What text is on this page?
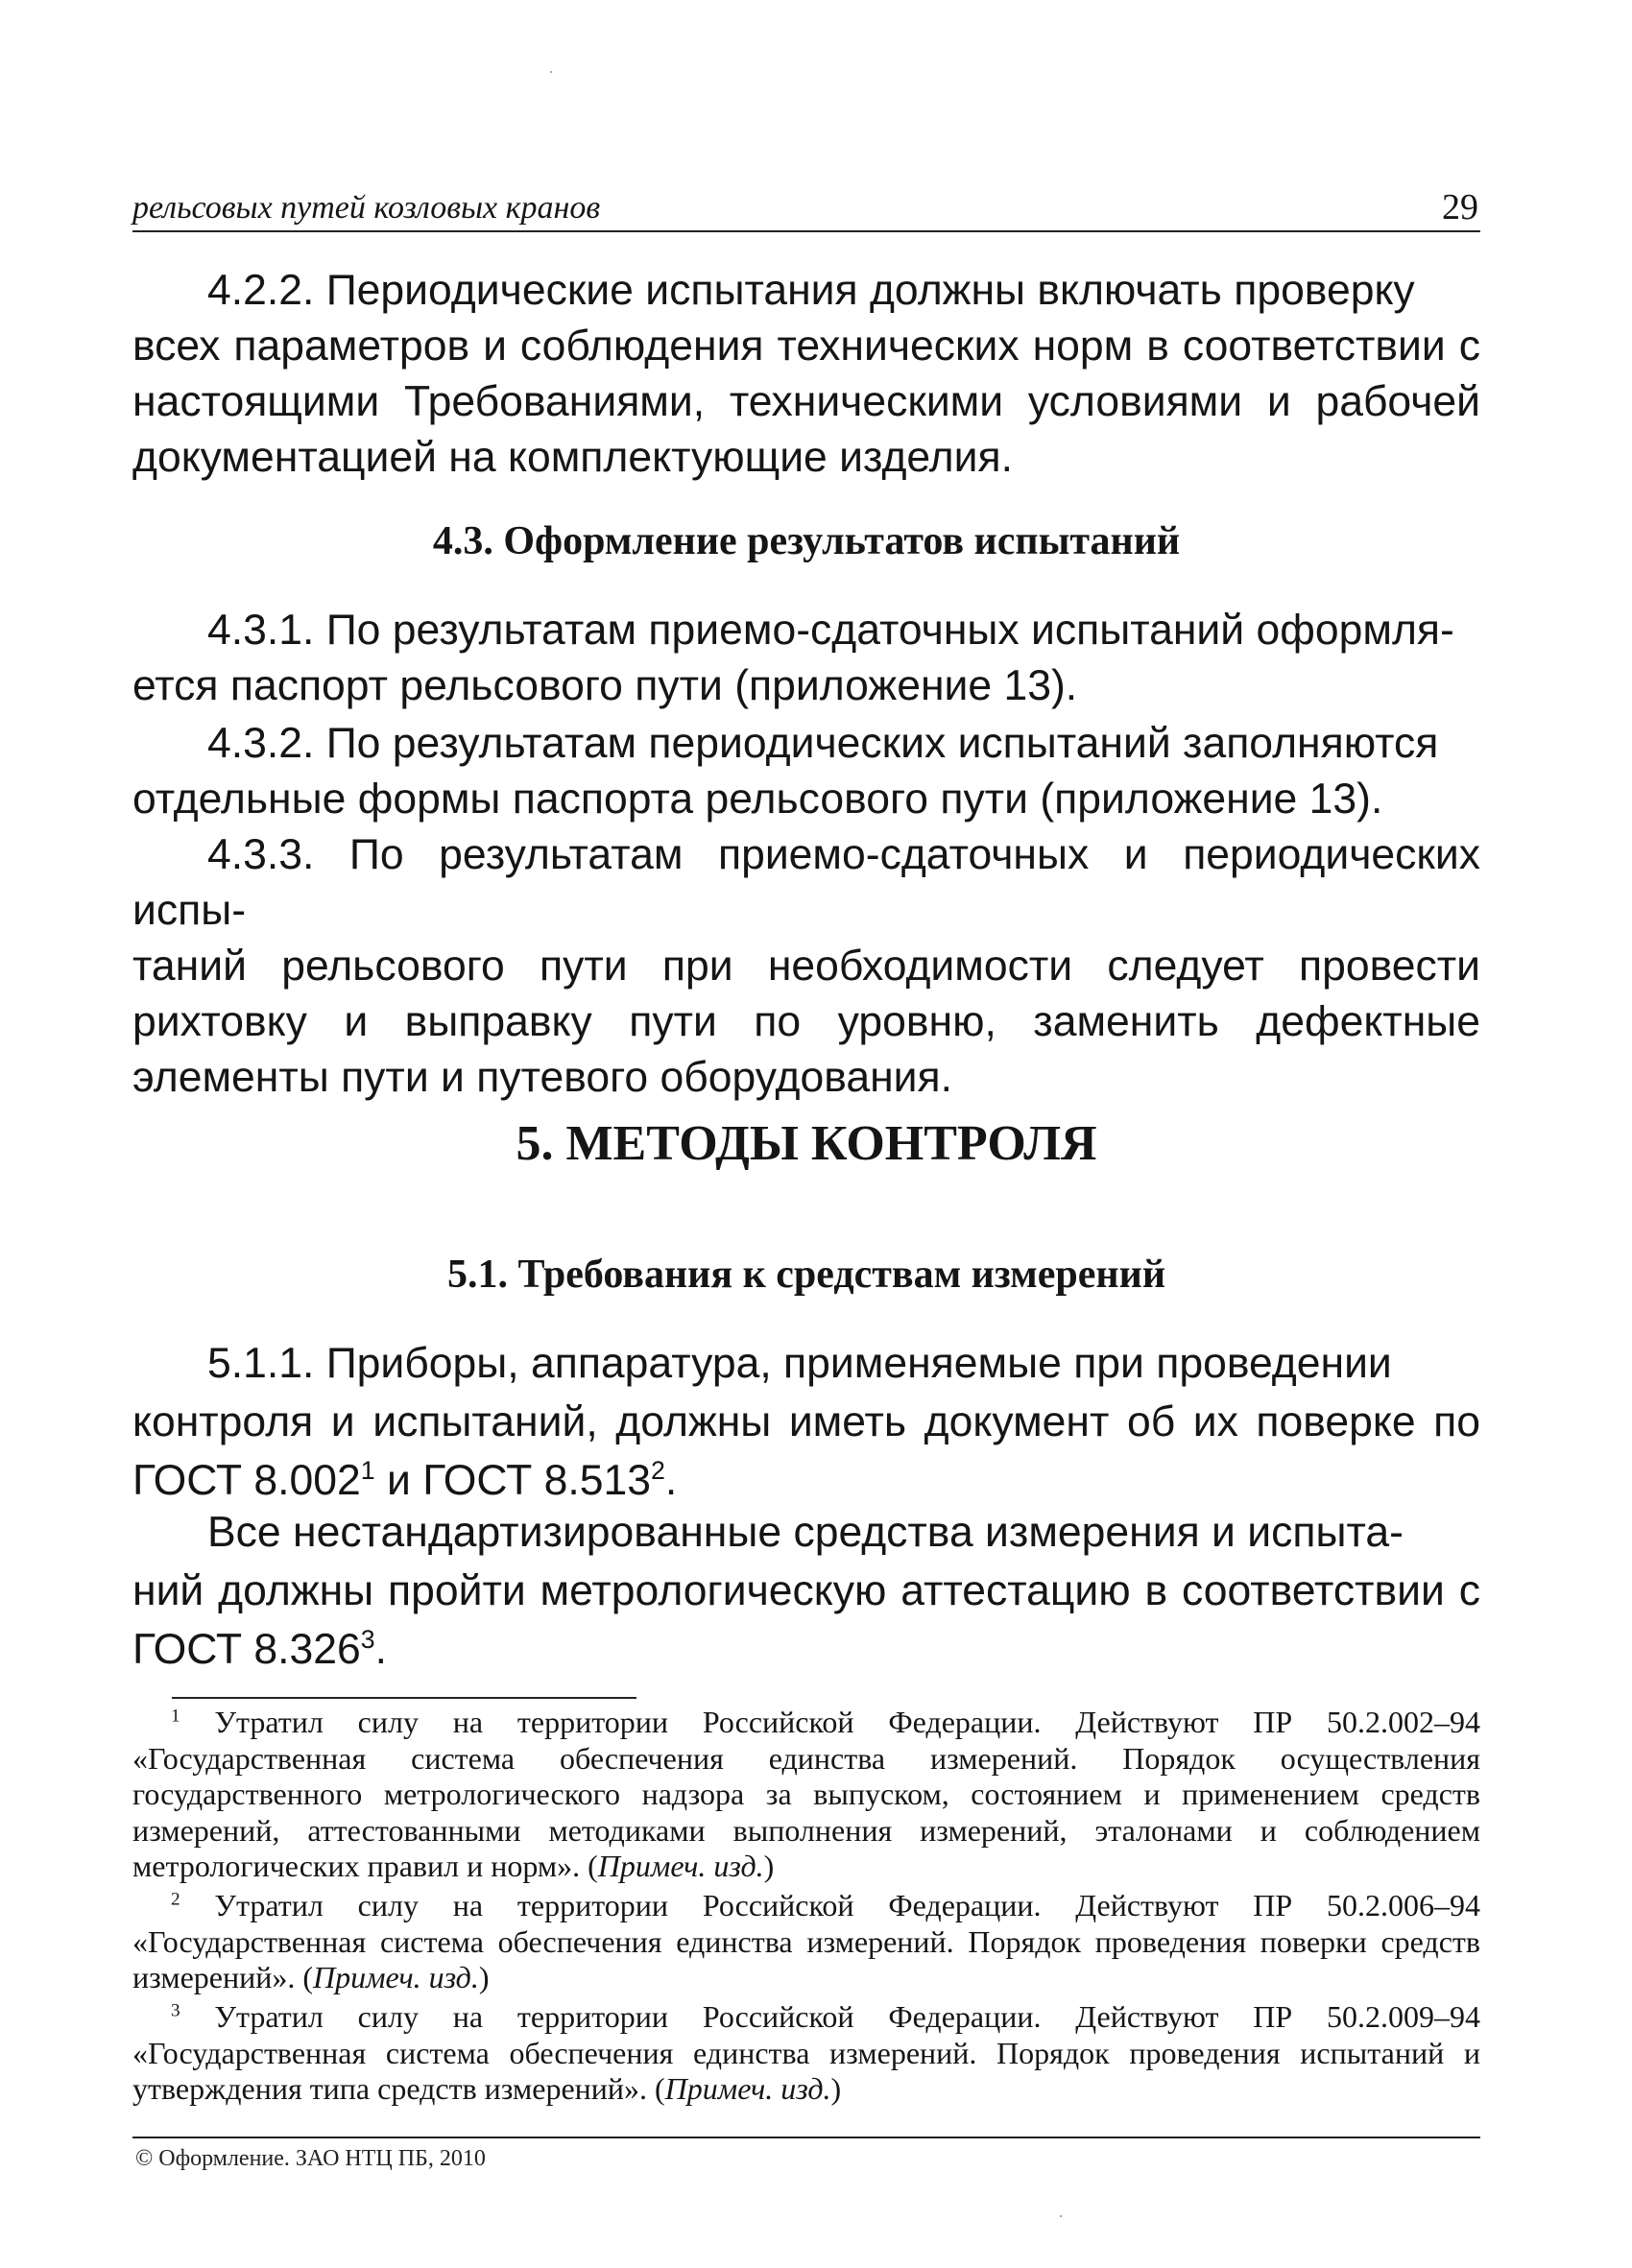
рельсовых путей козловых кранов	29

4.2.2. Периодические испытания должны включать проверку
всех параметров и соблюдения технических норм в соответствии с настоящими Требованиями, техническими условиями и рабочей документацией на комплектующие изделия.

4.3. Оформление результатов испытаний

4.3.1. По результатам приемо-сдаточных испытаний оформля-
ется паспорт рельсового пути (приложение 13).

4.3.2. По результатам периодических испытаний заполняются
отдельные формы паспорта рельсового пути (приложение 13).

4.3.3. По результатам приемо-сдаточных и периодических испы-
таний рельсового пути при необходимости следует провести рихтовку и выправку пути по уровню, заменить дефектные элементы пути и путевого оборудования.

5. МЕТОДЫ КОНТРОЛЯ
5.1. Требования к средствам измерений

5.1.1. Приборы, аппаратура, применяемые при проведении
контроля и испытаний, должны иметь документ об их поверке по ГОСТ 8.002$^1$ и ГОСТ 8.513$^2$.

Все нестандартизированные средства измерения и испыта-
ний должны пройти метрологическую аттестацию в соответствии с ГОСТ 8.326$^3$.

$^1$ Утратил силу на территории Российской Федерации. Действуют ПР 50.2.002–94 «Государственная система обеспечения единства измерений. Порядок осуществления государственного метрологического надзора за выпуском, состоянием и применением средств измерений, аттестованными методиками выполнения измерений, эталонами и соблюдением метрологических правил и норм». (Примеч. изд.)

$^2$ Утратил силу на территории Российской Федерации. Действуют ПР 50.2.006–94 «Государственная система обеспечения единства измерений. Порядок проведения поверки средств измерений». (Примеч. изд.)

$^3$ Утратил силу на территории Российской Федерации. Действуют ПР 50.2.009–94 «Государственная система обеспечения единства измерений. Порядок проведения испытаний и утверждения типа средств измерений». (Примеч. изд.)

© Оформление. ЗАО НТЦ ПБ, 2010
